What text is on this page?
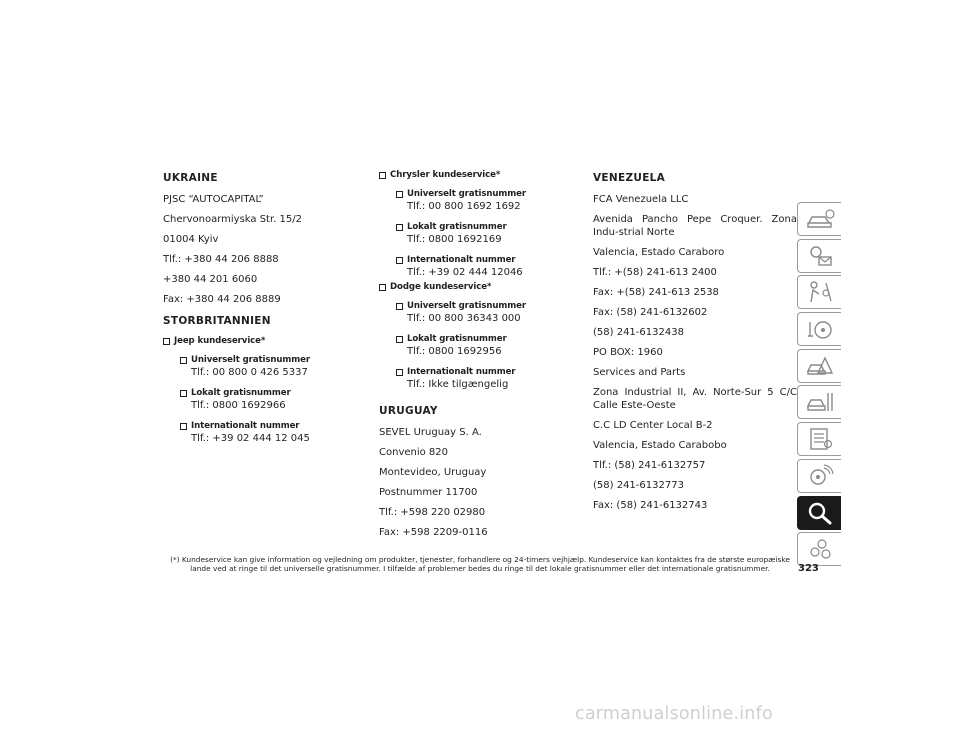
UKRAINE
PJSC “AUTOCAPITAL”
Chervonoarmiyska Str. 15/2
01004 Kyiv
Tlf.: +380 44 206 8888
+380 44 201 6060
Fax: +380 44 206 8889
STORBRITANNIEN
Jeep kundeservice*
Universelt gratisnummer
Tlf.: 00 800 0 426 5337
Lokalt gratisnummer
Tlf.: 0800 1692966
Internationalt nummer
Tlf.: +39 02 444 12 045
Chrysler kundeservice*
Universelt gratisnummer
Tlf.: 00 800 1692 1692
Lokalt gratisnummer
Tlf.: 0800 1692169
Internationalt nummer
Tlf.: +39 02 444 12046
Dodge kundeservice*
Universelt gratisnummer
Tlf.: 00 800 36343 000
Lokalt gratisnummer
Tlf.: 0800 1692956
Internationalt nummer
Tlf.: Ikke tilgængelig
URUGUAY
SEVEL Uruguay S. A.
Convenio 820
Montevideo, Uruguay
Postnummer 11700
Tlf.: +598 220 02980
Fax: +598 2209-0116
VENEZUELA
FCA Venezuela LLC
Avenida Pancho Pepe Croquer. Zona Indu-strial Norte
Valencia, Estado Caraboro
Tlf.: +(58) 241-613 2400
Fax: +(58) 241-613 2538
Fax: (58) 241-6132602
(58) 241-6132438
PO BOX: 1960
Services and Parts
Zona Industrial II, Av. Norte-Sur 5 C/C Calle Este-Oeste
C.C LD Center Local B-2
Valencia, Estado Carabobo
Tlf.: (58) 241-6132757
(58) 241-6132773
Fax: (58) 241-6132743
(*) Kundeservice kan give information og vejledning om produkter, tjenester, forhandlere og 24-timers vejhjælp. Kundeservice kan kontaktes fra de største europæiske lande ved at ringe til det universelle gratisnummer. I tilfælde af problemer bedes du ringe til det lokale gratisnummer eller det internationale gratisnummer.	323
carmanualsonline.info
